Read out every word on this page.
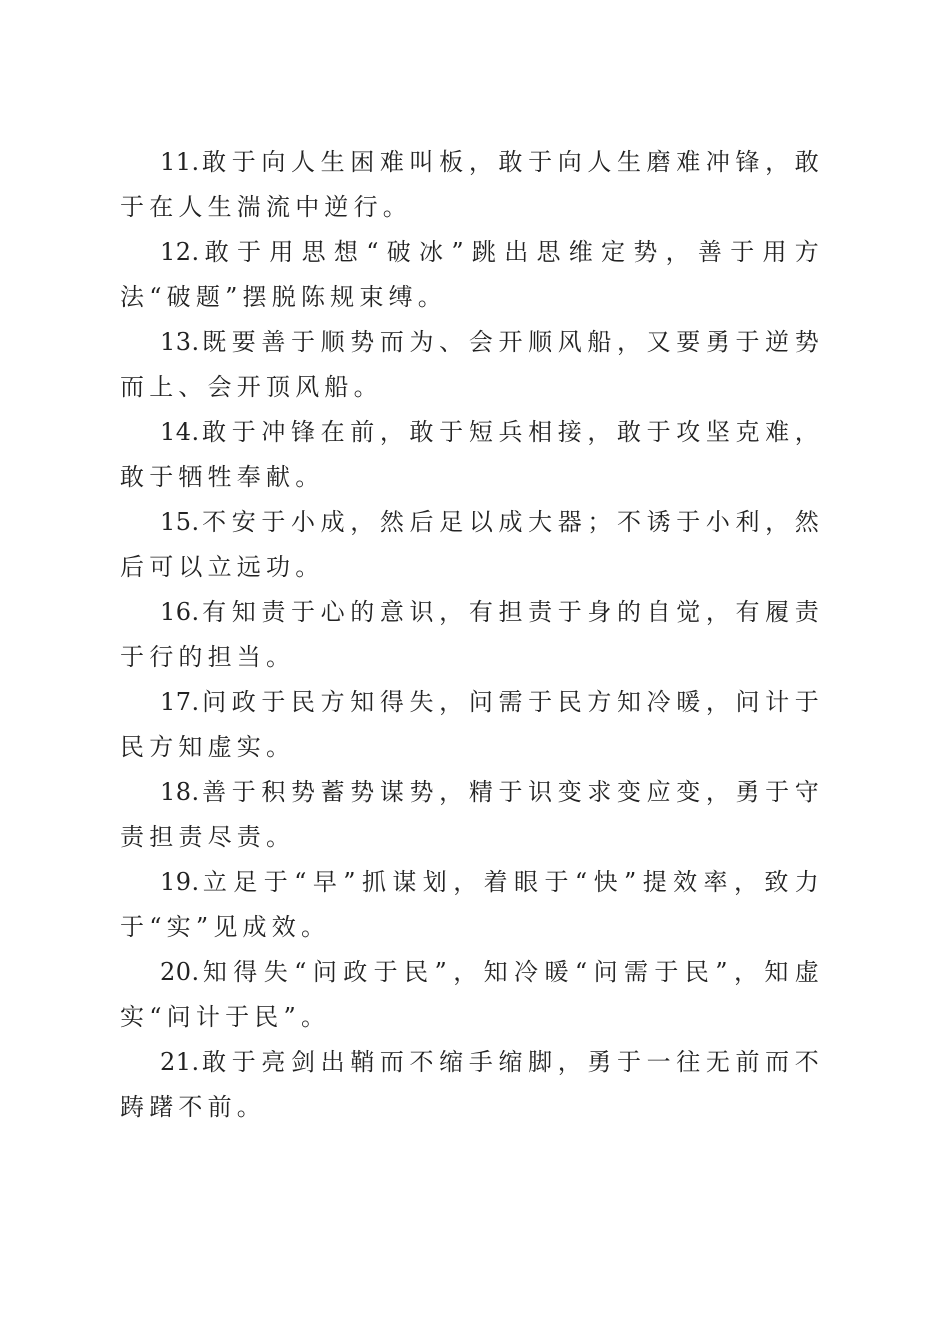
11.敢于向人生困难叫板，敢于向人生磨难冲锋，敢于在人生湍流中逆行。

12.敢于用思想“破冰”跳出思维定势，善于用方法“破题”摆脱陈规束缚。

13.既要善于顺势而为、会开顺风船，又要勇于逆势而上、会开顶风船。

14.敢于冲锋在前，敢于短兵相接，敢于攻坚克难，敢于牺牲奉献。

15.不安于小成，然后足以成大器；不诱于小利，然后可以立远功。

16.有知责于心的意识，有担责于身的自觉，有履责于行的担当。

17.问政于民方知得失，问需于民方知冷暖，问计于民方知虚实。

18.善于积势蓄势谋势，精于识变求变应变，勇于守责担责尽责。

19.立足于“早”抓谋划，着眼于“快”提效率，致力于“实”见成效。

20.知得失“问政于民”，知冷暖“问需于民”，知虚实“问计于民”。

21.敢于亮剑出鞘而不缩手缩脚，勇于一往无前而不踌躇不前。
